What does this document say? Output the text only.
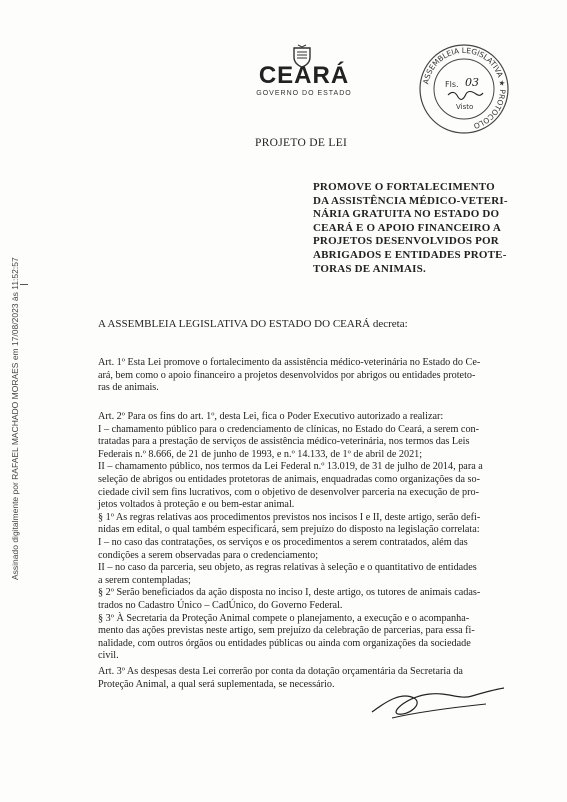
CEARÁ
GOVERNO DO ESTADO
ASSEMBLEIA LEGISLATIVA ★ PROTOCOLO
Fls. 03
Visto
PROJETO DE LEI
PROMOVE O FORTALECIMENTO
DA ASSISTÊNCIA MÉDICO-VETERI-
NÁRIA GRATUITA NO ESTADO DO
CEARÁ E O APOIO FINANCEIRO A
PROJETOS DESENVOLVIDOS POR
ABRIGADOS E ENTIDADES PROTE-
TORAS DE ANIMAIS.
A ASSEMBLEIA LEGISLATIVA DO ESTADO DO CEARÁ decreta:

Art. 1º Esta Lei promove o fortalecimento da assistência médico-veterinária no Estado do Ce-

ará, bem como o apoio financeiro a projetos desenvolvidos por abrigos ou entidades proteto-

ras de animais.

Art. 2º Para os fins do art. 1º, desta Lei, fica o Poder Executivo autorizado a realizar:

I – chamamento público para o credenciamento de clínicas, no Estado do Ceará, a serem con-

tratadas para a prestação de serviços de assistência médico-veterinária, nos termos das Leis

Federais n.º 8.666, de 21 de junho de 1993, e n.º 14.133, de 1º de abril de 2021;

II – chamamento público, nos termos da Lei Federal n.º 13.019, de 31 de julho de 2014, para a

seleção de abrigos ou entidades protetoras de animais, enquadradas como organizações da so-

ciedade civil sem fins lucrativos, com o objetivo de desenvolver parceria na execução de pro-

jetos voltados à proteção e ou bem-estar animal.

§ 1º As regras relativas aos procedimentos previstos nos incisos I e II, deste artigo, serão defi-

nidas em edital, o qual também especificará, sem prejuízo do disposto na legislação correlata:

I – no caso das contratações, os serviços e os procedimentos a serem contratados, além das

condições a serem observadas para o credenciamento;

II – no caso da parceria, seu objeto, as regras relativas à seleção e o quantitativo de entidades

a serem contempladas;

§ 2º Serão beneficiados da ação disposta no inciso I, deste artigo, os tutores de animais cadas-

trados no Cadastro Único – CadÚnico, do Governo Federal.

§ 3º À Secretaria da Proteção Animal compete o planejamento, a execução e o acompanha-

mento das ações previstas neste artigo, sem prejuízo da celebração de parcerias, para essa fi-

nalidade, com outros órgãos ou entidades públicas ou ainda com organizações da sociedade

civil.

Art. 3º As despesas desta Lei correrão por conta da dotação orçamentária da Secretaria da

Proteção Animal, a qual será suplementada, se necessário.

Assinado digitalmente por RAFAEL MACHADO MORAES em 17/08/2023 às 11:52:57
